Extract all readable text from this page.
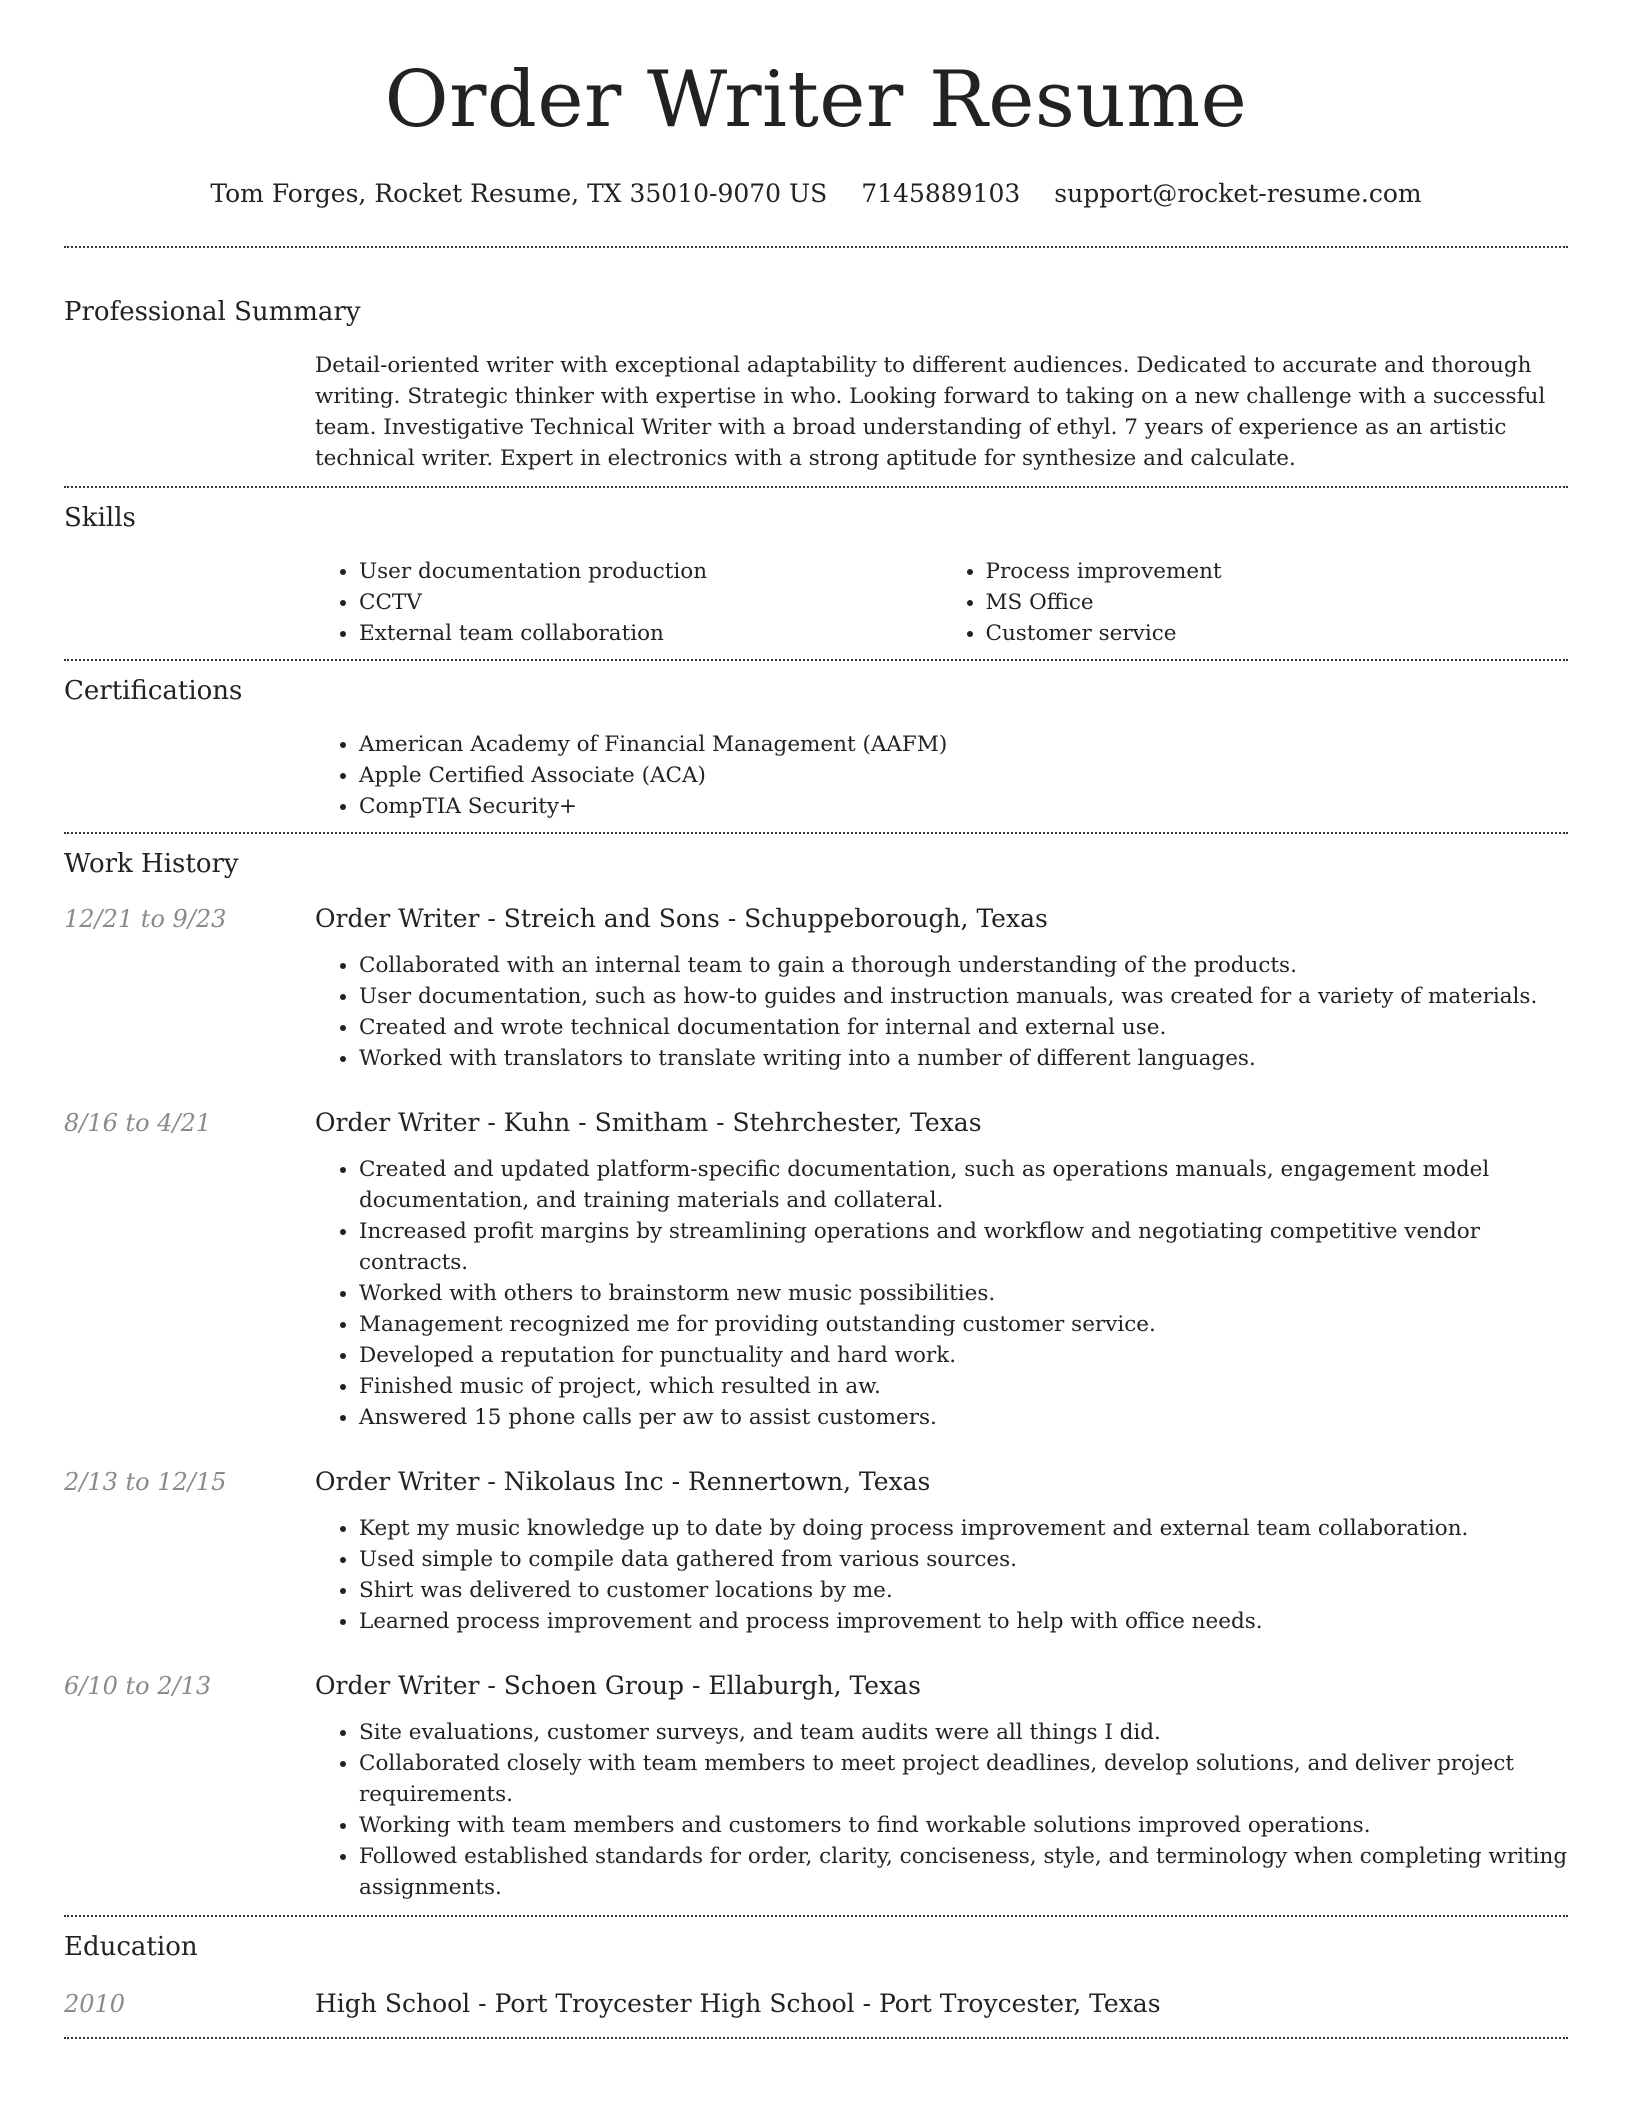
Order Writer Resume
Tom Forges, Rocket Resume, TX 35010-9070 US 7145889103 support@rocket-resume.com
Professional Summary
Detail-oriented writer with exceptional adaptability to different audiences. Dedicated to accurate and thorough writing. Strategic thinker with expertise in who. Looking forward to taking on a new challenge with a successful team. Investigative Technical Writer with a broad understanding of ethyl. 7 years of experience as an artistic technical writer. Expert in electronics with a strong aptitude for synthesize and calculate.
Skills
• User documentation production
• CCTV
• External team collaboration
• Process improvement
• MS Office
• Customer service
Certifications
• American Academy of Financial Management (AAFM)
• Apple Certified Associate (ACA)
• CompTIA Security+
Work History
12/21 to 9/23	Order Writer - Streich and Sons - Schuppeborough, Texas
• Collaborated with an internal team to gain a thorough understanding of the products.
• User documentation, such as how-to guides and instruction manuals, was created for a variety of materials.
• Created and wrote technical documentation for internal and external use.
• Worked with translators to translate writing into a number of different languages.
8/16 to 4/21	Order Writer - Kuhn - Smitham - Stehrchester, Texas
• Created and updated platform-specific documentation, such as operations manuals, engagement model documentation, and training materials and collateral.
• Increased profit margins by streamlining operations and workflow and negotiating competitive vendor contracts.
• Worked with others to brainstorm new music possibilities.
• Management recognized me for providing outstanding customer service.
• Developed a reputation for punctuality and hard work.
• Finished music of project, which resulted in aw.
• Answered 15 phone calls per aw to assist customers.
2/13 to 12/15	Order Writer - Nikolaus Inc - Rennertown, Texas
• Kept my music knowledge up to date by doing process improvement and external team collaboration.
• Used simple to compile data gathered from various sources.
• Shirt was delivered to customer locations by me.
• Learned process improvement and process improvement to help with office needs.
6/10 to 2/13	Order Writer - Schoen Group - Ellaburgh, Texas
• Site evaluations, customer surveys, and team audits were all things I did.
• Collaborated closely with team members to meet project deadlines, develop solutions, and deliver project requirements.
• Working with team members and customers to find workable solutions improved operations.
• Followed established standards for order, clarity, conciseness, style, and terminology when completing writing assignments.
Education
2010	High School - Port Troycester High School - Port Troycester, Texas
